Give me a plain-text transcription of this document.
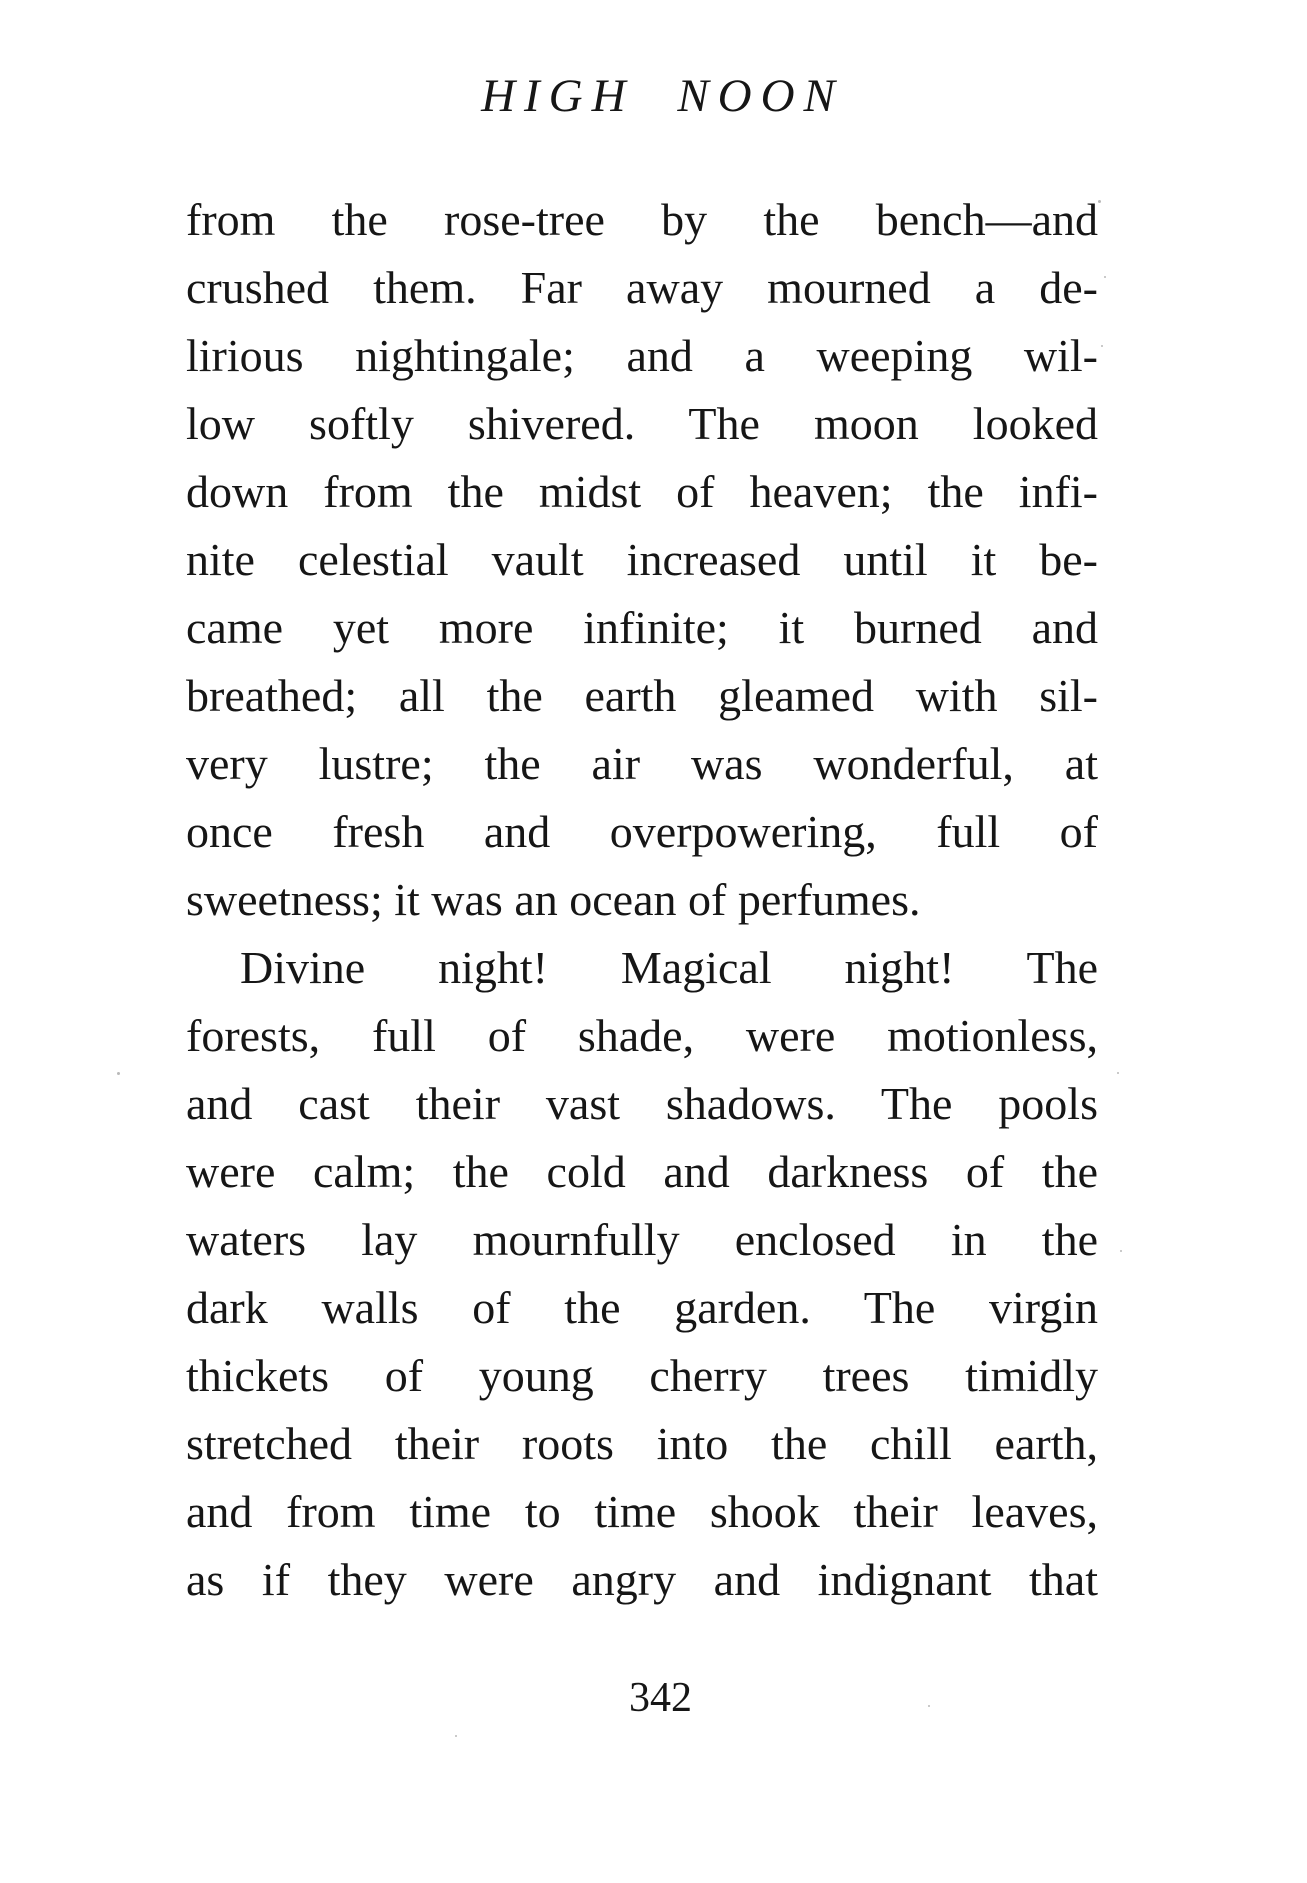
HIGH NOON
from the rose-tree by the bench—and
crushed them. Far away mourned a de-
lirious nightingale; and a weeping wil-
low softly shivered. The moon looked
down from the midst of heaven; the infi-
nite celestial vault increased until it be-
came yet more infinite; it burned and
breathed; all the earth gleamed with sil-
very lustre; the air was wonderful, at
once fresh and overpowering, full of
sweetness; it was an ocean of perfumes.
Divine night! Magical night! The
forests, full of shade, were motionless,
and cast their vast shadows. The pools
were calm; the cold and darkness of the
waters lay mournfully enclosed in the
dark walls of the garden. The virgin
thickets of young cherry trees timidly
stretched their roots into the chill earth,
and from time to time shook their leaves,
as if they were angry and indignant that
342
